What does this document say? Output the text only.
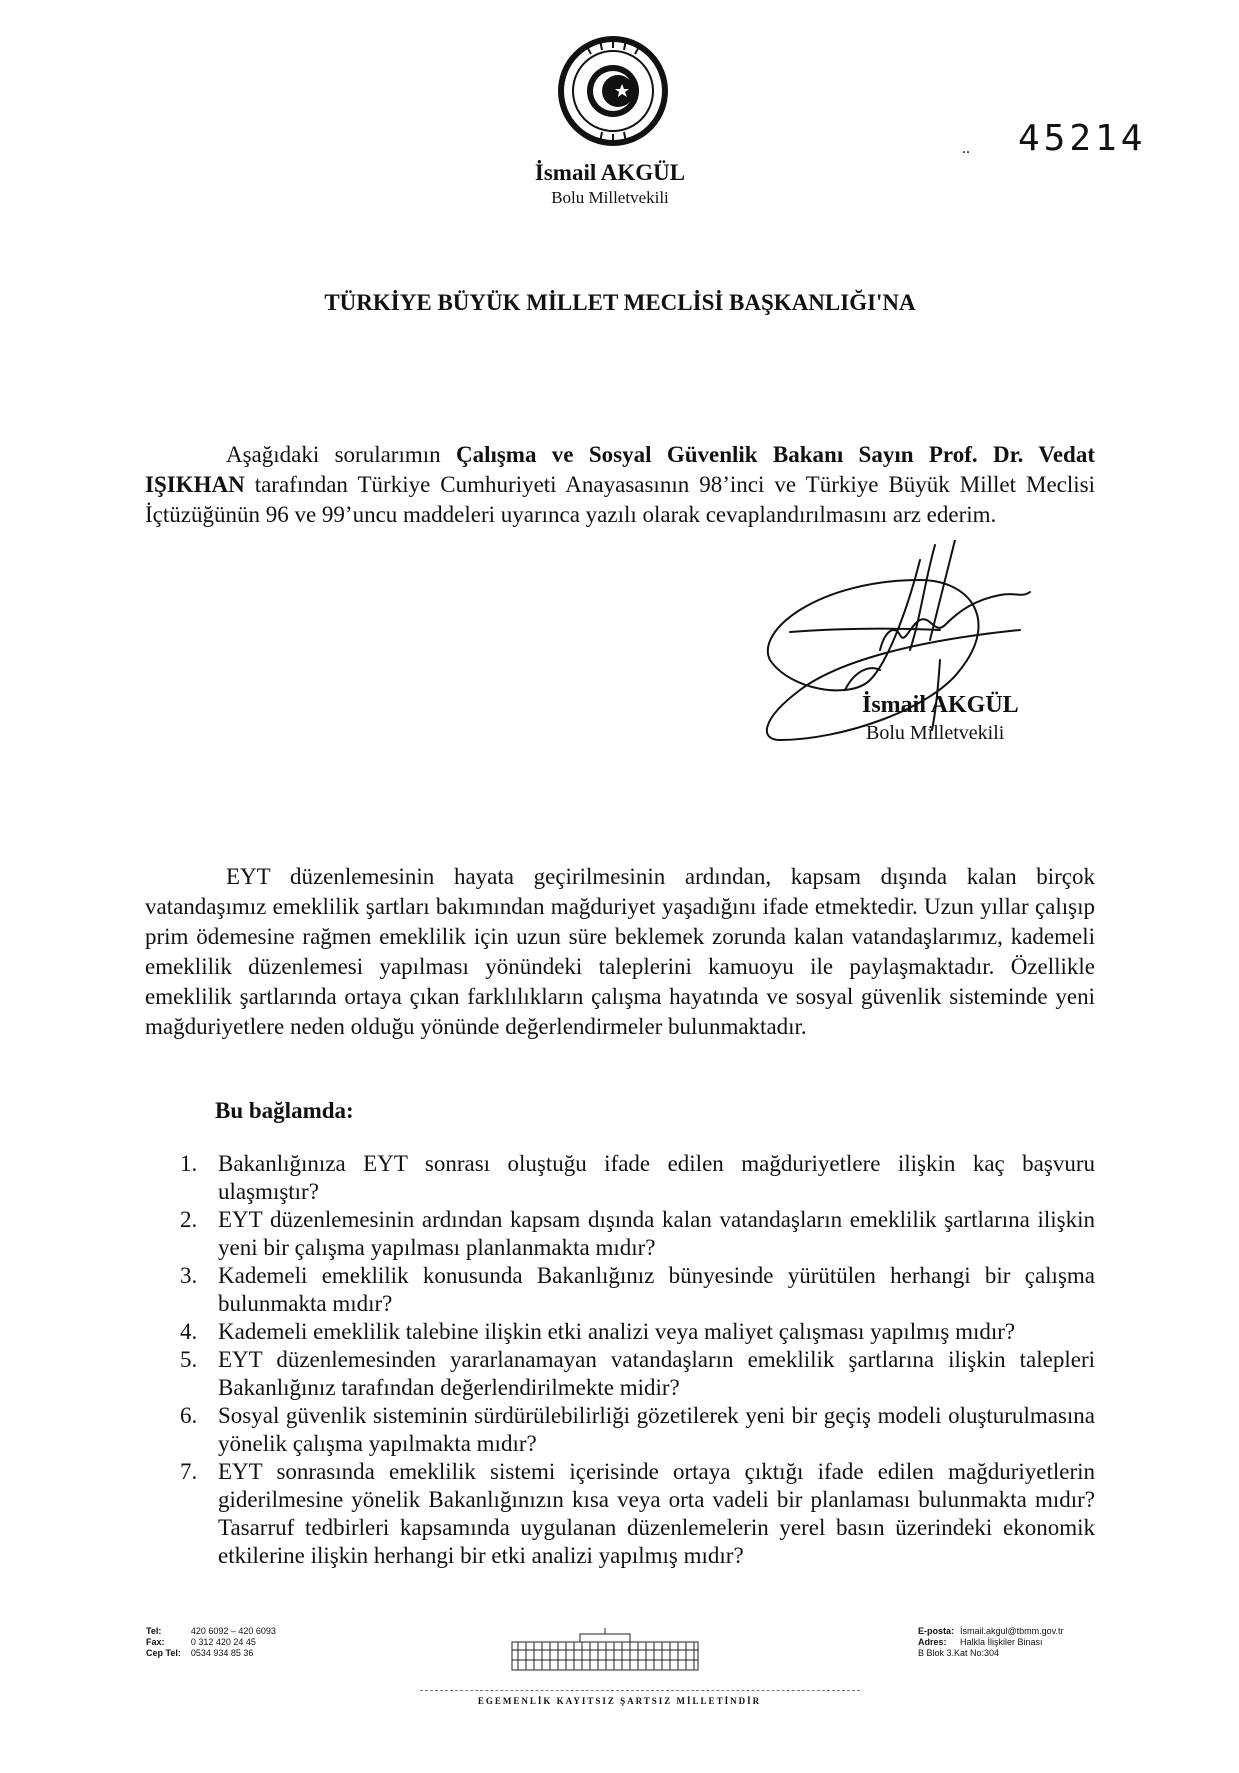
.. 45214
İsmail AKGÜL
Bolu Milletvekili
TÜRKİYE BÜYÜK MİLLET MECLİSİ BAŞKANLIĞI'NA
Aşağıdaki sorularımın Çalışma ve Sosyal Güvenlik Bakanı Sayın Prof. Dr. Vedat IŞIKHAN tarafından Türkiye Cumhuriyeti Anayasasının 98’inci ve Türkiye Büyük Millet Meclisi İçtüzüğünün 96 ve 99’uncu maddeleri uyarınca yazılı olarak cevaplandırılmasını arz ederim.
İsmail AKGÜL
Bolu Milletvekili
EYT düzenlemesinin hayata geçirilmesinin ardından, kapsam dışında kalan birçok vatandaşımız emeklilik şartları bakımından mağduriyet yaşadığını ifade etmektedir. Uzun yıllar çalışıp prim ödemesine rağmen emeklilik için uzun süre beklemek zorunda kalan vatandaşlarımız, kademeli emeklilik düzenlemesi yapılması yönündeki taleplerini kamuoyu ile paylaşmaktadır. Özellikle emeklilik şartlarında ortaya çıkan farklılıkların çalışma hayatında ve sosyal güvenlik sisteminde yeni mağduriyetlere neden olduğu yönünde değerlendirmeler bulunmaktadır.
Bu bağlamda:
1. Bakanlığınıza EYT sonrası oluştuğu ifade edilen mağduriyetlere ilişkin kaç başvuru ulaşmıştır?
2. EYT düzenlemesinin ardından kapsam dışında kalan vatandaşların emeklilik şartlarına ilişkin yeni bir çalışma yapılması planlanmakta mıdır?
3. Kademeli emeklilik konusunda Bakanlığınız bünyesinde yürütülen herhangi bir çalışma bulunmakta mıdır?
4. Kademeli emeklilik talebine ilişkin etki analizi veya maliyet çalışması yapılmış mıdır?
5. EYT düzenlemesinden yararlanamayan vatandaşların emeklilik şartlarına ilişkin talepleri Bakanlığınız tarafından değerlendirilmekte midir?
6. Sosyal güvenlik sisteminin sürdürülebilirliği gözetilerek yeni bir geçiş modeli oluşturulmasına yönelik çalışma yapılmakta mıdır?
7. EYT sonrasında emeklilik sistemi içerisinde ortaya çıktığı ifade edilen mağduriyetlerin giderilmesine yönelik Bakanlığınızın kısa veya orta vadeli bir planlaması bulunmakta mıdır?Tasarruf tedbirleri kapsamında uygulanan düzenlemelerin yerel basın üzerindeki ekonomik etkilerine ilişkin herhangi bir etki analizi yapılmış mıdır?
Tel:	420 6092 – 420 6093
Fax:	0 312 420 24 45
Cep Tel:	0534 934 85 36
E-posta:	İsmail.akgul@tbmm.gov.tr
Adres:	Halkla İlişkiler Binası
B Blok 3.Kat No:304	
EGEMENLİK KAYITSIZ ŞARTSIZ MİLLETİNDİR
